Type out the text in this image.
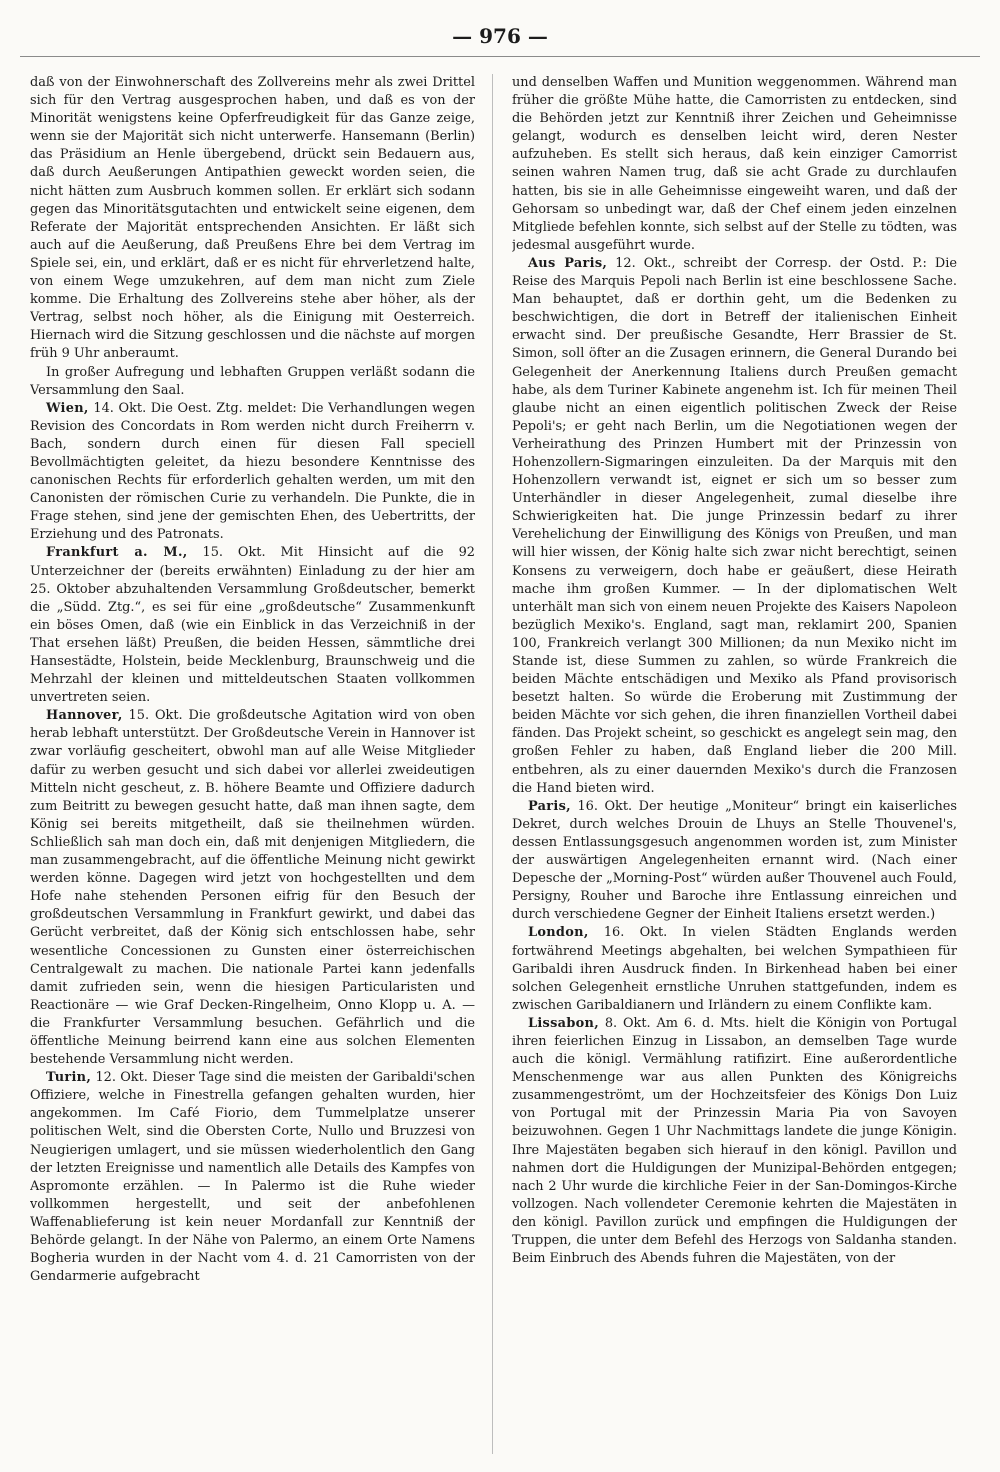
— 976 —

daß von der Einwohnerschaft des Zollvereins mehr als zwei Drittel sich für den Vertrag ausgesprochen haben, und daß es von der Minorität wenigstens keine Opferfreudigkeit für das Ganze zeige, wenn sie der Majorität sich nicht unterwerfe. Hansemann (Berlin) das Präsidium an Henle übergebend, drückt sein Bedauern aus, daß durch Aeußerungen Antipathien geweckt worden seien, die nicht hätten zum Ausbruch kommen sollen. Er erklärt sich sodann gegen das Minoritätsgutachten und entwickelt seine eigenen, dem Referate der Majorität entsprechenden Ansichten. Er läßt sich auch auf die Aeußerung, daß Preußens Ehre bei dem Vertrag im Spiele sei, ein, und erklärt, daß er es nicht für ehrverletzend halte, von einem Wege umzukehren, auf dem man nicht zum Ziele komme. Die Erhaltung des Zollvereins stehe aber höher, als der Vertrag, selbst noch höher, als die Einigung mit Oesterreich. Hiernach wird die Sitzung geschlossen und die nächste auf morgen früh 9 Uhr anberaumt.

In großer Aufregung und lebhaften Gruppen verläßt sodann die Versammlung den Saal.

Wien, 14. Okt. Die Oest. Ztg. meldet: Die Verhandlungen wegen Revision des Concordats in Rom werden nicht durch Freiherrn v. Bach, sondern durch einen für diesen Fall speciell Bevollmächtigten geleitet, da hiezu besondere Kenntnisse des canonischen Rechts für erforderlich gehalten werden, um mit den Canonisten der römischen Curie zu verhandeln. Die Punkte, die in Frage stehen, sind jene der gemischten Ehen, des Uebertritts, der Erziehung und des Patronats.

Frankfurt a. M., 15. Okt. Mit Hinsicht auf die 92 Unterzeichner der (bereits erwähnten) Einladung zu der hier am 25. Oktober abzuhaltenden Versammlung Großdeutscher, bemerkt die „Südd. Ztg.“, es sei für eine „großdeutsche“ Zusammenkunft ein böses Omen, daß (wie ein Einblick in das Verzeichniß in der That ersehen läßt) Preußen, die beiden Hessen, sämmtliche drei Hansestädte, Holstein, beide Mecklenburg, Braunschweig und die Mehrzahl der kleinen und mitteldeutschen Staaten vollkommen unvertreten seien.

Hannover, 15. Okt. Die großdeutsche Agitation wird von oben herab lebhaft unterstützt. Der Großdeutsche Verein in Hannover ist zwar vorläufig gescheitert, obwohl man auf alle Weise Mitglieder dafür zu werben gesucht und sich dabei vor allerlei zweideutigen Mitteln nicht gescheut, z. B. höhere Beamte und Offiziere dadurch zum Beitritt zu bewegen gesucht hatte, daß man ihnen sagte, dem König sei bereits mitgetheilt, daß sie theilnehmen würden. Schließlich sah man doch ein, daß mit denjenigen Mitgliedern, die man zusammengebracht, auf die öffentliche Meinung nicht gewirkt werden könne. Dagegen wird jetzt von hochgestellten und dem Hofe nahe stehenden Personen eifrig für den Besuch der großdeutschen Versammlung in Frankfurt gewirkt, und dabei das Gerücht verbreitet, daß der König sich entschlossen habe, sehr wesentliche Concessionen zu Gunsten einer österreichischen Centralgewalt zu machen. Die nationale Partei kann jedenfalls damit zufrieden sein, wenn die hiesigen Particularisten und Reactionäre — wie Graf Decken-Ringelheim, Onno Klopp u. A. — die Frankfurter Versammlung besuchen. Gefährlich und die öffentliche Meinung beirrend kann eine aus solchen Elementen bestehende Versammlung nicht werden.

Turin, 12. Okt. Dieser Tage sind die meisten der Garibaldi'schen Offiziere, welche in Finestrella gefangen gehalten wurden, hier angekommen. Im Café Fiorio, dem Tummelplatze unserer politischen Welt, sind die Obersten Corte, Nullo und Bruzzesi von Neugierigen umlagert, und sie müssen wiederholentlich den Gang der letzten Ereignisse und namentlich alle Details des Kampfes von Aspromonte erzählen. — In Palermo ist die Ruhe wieder vollkommen hergestellt, und seit der anbefohlenen Waffenablieferung ist kein neuer Mordanfall zur Kenntniß der Behörde gelangt. In der Nähe von Palermo, an einem Orte Namens Bogheria wurden in der Nacht vom 4. d. 21 Camorristen von der Gendarmerie aufgebracht

und denselben Waffen und Munition weggenommen. Während man früher die größte Mühe hatte, die Camorristen zu entdecken, sind die Behörden jetzt zur Kenntniß ihrer Zeichen und Geheimnisse gelangt, wodurch es denselben leicht wird, deren Nester aufzuheben. Es stellt sich heraus, daß kein einziger Camorrist seinen wahren Namen trug, daß sie acht Grade zu durchlaufen hatten, bis sie in alle Geheimnisse eingeweiht waren, und daß der Gehorsam so unbedingt war, daß der Chef einem jeden einzelnen Mitgliede befehlen konnte, sich selbst auf der Stelle zu tödten, was jedesmal ausgeführt wurde.

Aus Paris, 12. Okt., schreibt der Corresp. der Ostd. P.: Die Reise des Marquis Pepoli nach Berlin ist eine beschlossene Sache. Man behauptet, daß er dorthin geht, um die Bedenken zu beschwichtigen, die dort in Betreff der italienischen Einheit erwacht sind. Der preußische Gesandte, Herr Brassier de St. Simon, soll öfter an die Zusagen erinnern, die General Durando bei Gelegenheit der Anerkennung Italiens durch Preußen gemacht habe, als dem Turiner Kabinete angenehm ist. Ich für meinen Theil glaube nicht an einen eigentlich politischen Zweck der Reise Pepoli's; er geht nach Berlin, um die Negotiationen wegen der Verheirathung des Prinzen Humbert mit der Prinzessin von Hohenzollern-Sigmaringen einzuleiten. Da der Marquis mit den Hohenzollern verwandt ist, eignet er sich um so besser zum Unterhändler in dieser Angelegenheit, zumal dieselbe ihre Schwierigkeiten hat. Die junge Prinzessin bedarf zu ihrer Verehelichung der Einwilligung des Königs von Preußen, und man will hier wissen, der König halte sich zwar nicht berechtigt, seinen Konsens zu verweigern, doch habe er geäußert, diese Heirath mache ihm großen Kummer. — In der diplomatischen Welt unterhält man sich von einem neuen Projekte des Kaisers Napoleon bezüglich Mexiko's. England, sagt man, reklamirt 200, Spanien 100, Frankreich verlangt 300 Millionen; da nun Mexiko nicht im Stande ist, diese Summen zu zahlen, so würde Frankreich die beiden Mächte entschädigen und Mexiko als Pfand provisorisch besetzt halten. So würde die Eroberung mit Zustimmung der beiden Mächte vor sich gehen, die ihren finanziellen Vortheil dabei fänden. Das Projekt scheint, so geschickt es angelegt sein mag, den großen Fehler zu haben, daß England lieber die 200 Mill. entbehren, als zu einer dauernden Mexiko's durch die Franzosen die Hand bieten wird.

Paris, 16. Okt. Der heutige „Moniteur“ bringt ein kaiserliches Dekret, durch welches Drouin de Lhuys an Stelle Thouvenel's, dessen Entlassungsgesuch angenommen worden ist, zum Minister der auswärtigen Angelegenheiten ernannt wird. (Nach einer Depesche der „Morning-Post“ würden außer Thouvenel auch Fould, Persigny, Rouher und Baroche ihre Entlassung einreichen und durch verschiedene Gegner der Einheit Italiens ersetzt werden.)

London, 16. Okt. In vielen Städten Englands werden fortwährend Meetings abgehalten, bei welchen Sympathieen für Garibaldi ihren Ausdruck finden. In Birkenhead haben bei einer solchen Gelegenheit ernstliche Unruhen stattgefunden, indem es zwischen Garibaldianern und Irländern zu einem Conflikte kam.

Lissabon, 8. Okt. Am 6. d. Mts. hielt die Königin von Portugal ihren feierlichen Einzug in Lissabon, an demselben Tage wurde auch die königl. Vermählung ratifizirt. Eine außerordentliche Menschenmenge war aus allen Punkten des Königreichs zusammengeströmt, um der Hochzeitsfeier des Königs Don Luiz von Portugal mit der Prinzessin Maria Pia von Savoyen beizuwohnen. Gegen 1 Uhr Nachmittags landete die junge Königin. Ihre Majestäten begaben sich hierauf in den königl. Pavillon und nahmen dort die Huldigungen der Munizipal-Behörden entgegen; nach 2 Uhr wurde die kirchliche Feier in der San-Domingos-Kirche vollzogen. Nach vollendeter Ceremonie kehrten die Majestäten in den königl. Pavillon zurück und empfingen die Huldigungen der Truppen, die unter dem Befehl des Herzogs von Saldanha standen. Beim Einbruch des Abends fuhren die Majestäten, von der
